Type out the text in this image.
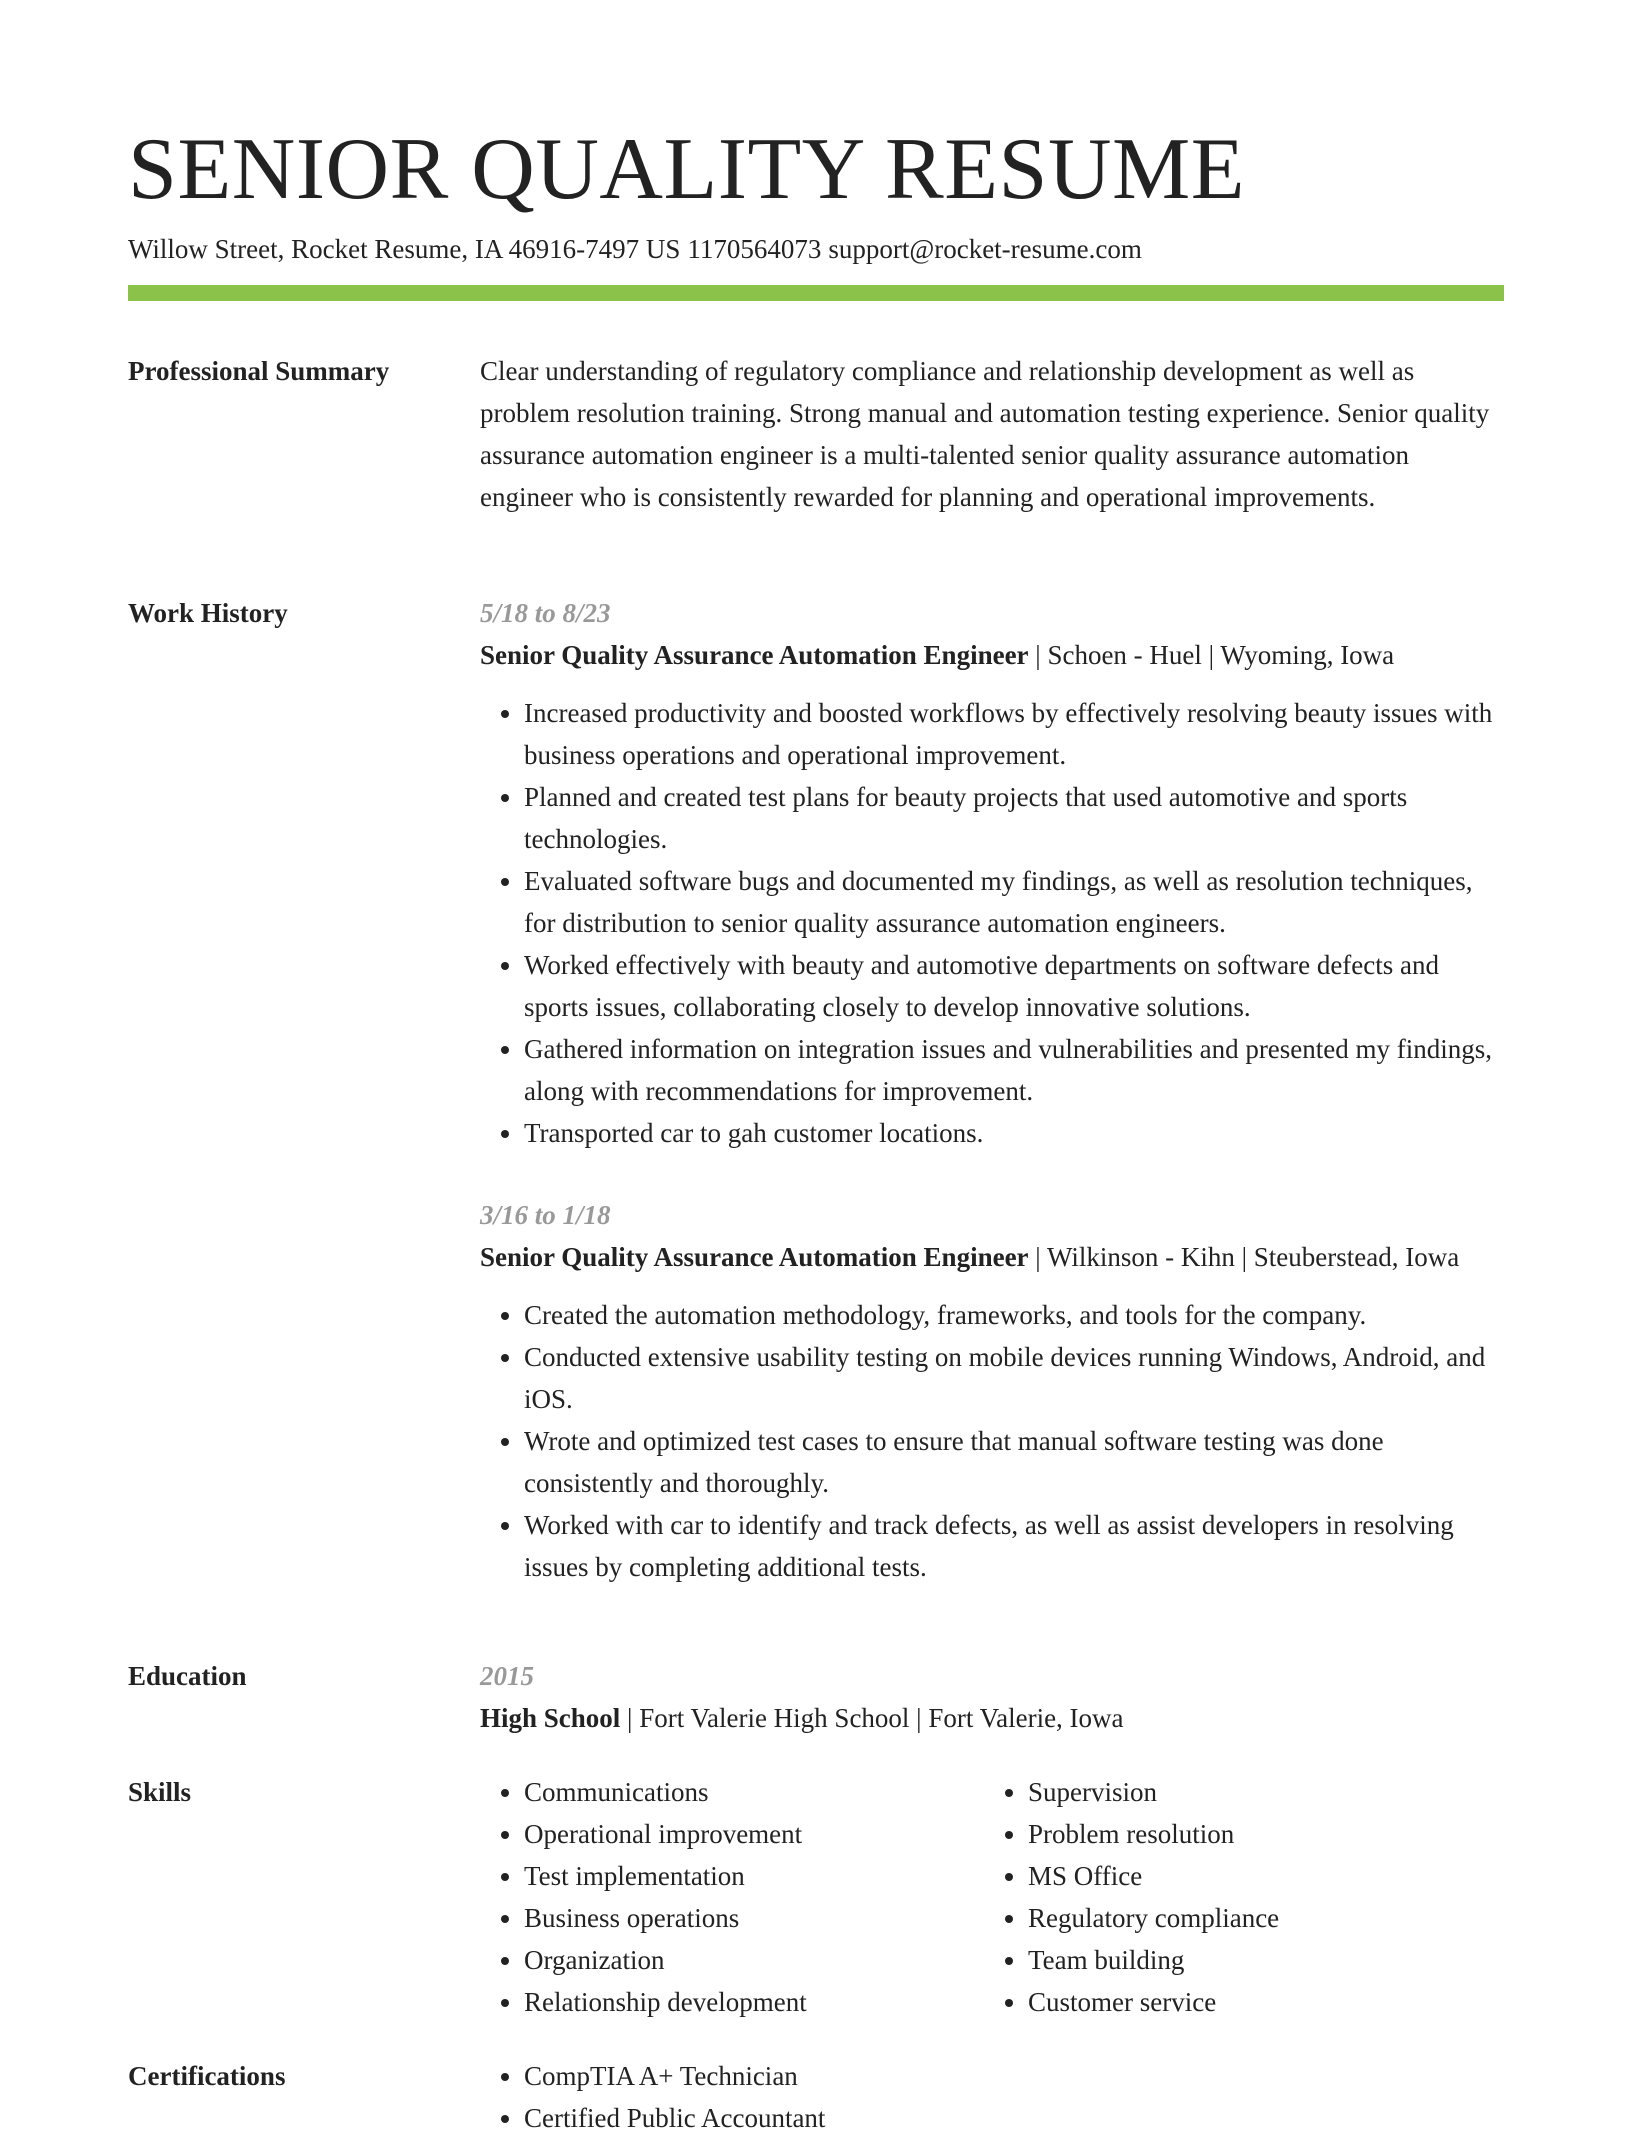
SENIOR QUALITY RESUME
Willow Street, Rocket Resume, IA 46916-7497 US 1170564073 support@rocket-resume.com
Professional Summary	Clear understanding of regulatory compliance and relationship development as well as problem resolution training. Strong manual and automation testing experience. Senior quality assurance automation engineer is a multi-talented senior quality assurance automation engineer who is consistently rewarded for planning and operational improvements.

Work History	5/18 to 8/23

Senior Quality Assurance Automation Engineer | Schoen - Huel | Wyoming, Iowa

• Increased productivity and boosted workflows by effectively resolving beauty issues with business operations and operational improvement.
• Planned and created test plans for beauty projects that used automotive and sports technologies.
• Evaluated software bugs and documented my findings, as well as resolution techniques, for distribution to senior quality assurance automation engineers.
• Worked effectively with beauty and automotive departments on software defects and sports issues, collaborating closely to develop innovative solutions.
• Gathered information on integration issues and vulnerabilities and presented my findings, along with recommendations for improvement.
• Transported car to gah customer locations.
3/16 to 1/18

Senior Quality Assurance Automation Engineer | Wilkinson - Kihn | Steuberstead, Iowa

• Created the automation methodology, frameworks, and tools for the company.
• Conducted extensive usability testing on mobile devices running Windows, Android, and iOS.
• Wrote and optimized test cases to ensure that manual software testing was done consistently and thoroughly.
• Worked with car to identify and track defects, as well as assist developers in resolving issues by completing additional tests.
Education	2015

High School | Fort Valerie High School | Fort Valerie, Iowa

Skills	• Communications
• Operational improvement
• Test implementation
• Business operations
• Organization
• Relationship development
• Supervision
• Problem resolution
• MS Office
• Regulatory compliance
• Team building
• Customer service
Certifications	• CompTIA A+ Technician
• Certified Public Accountant
